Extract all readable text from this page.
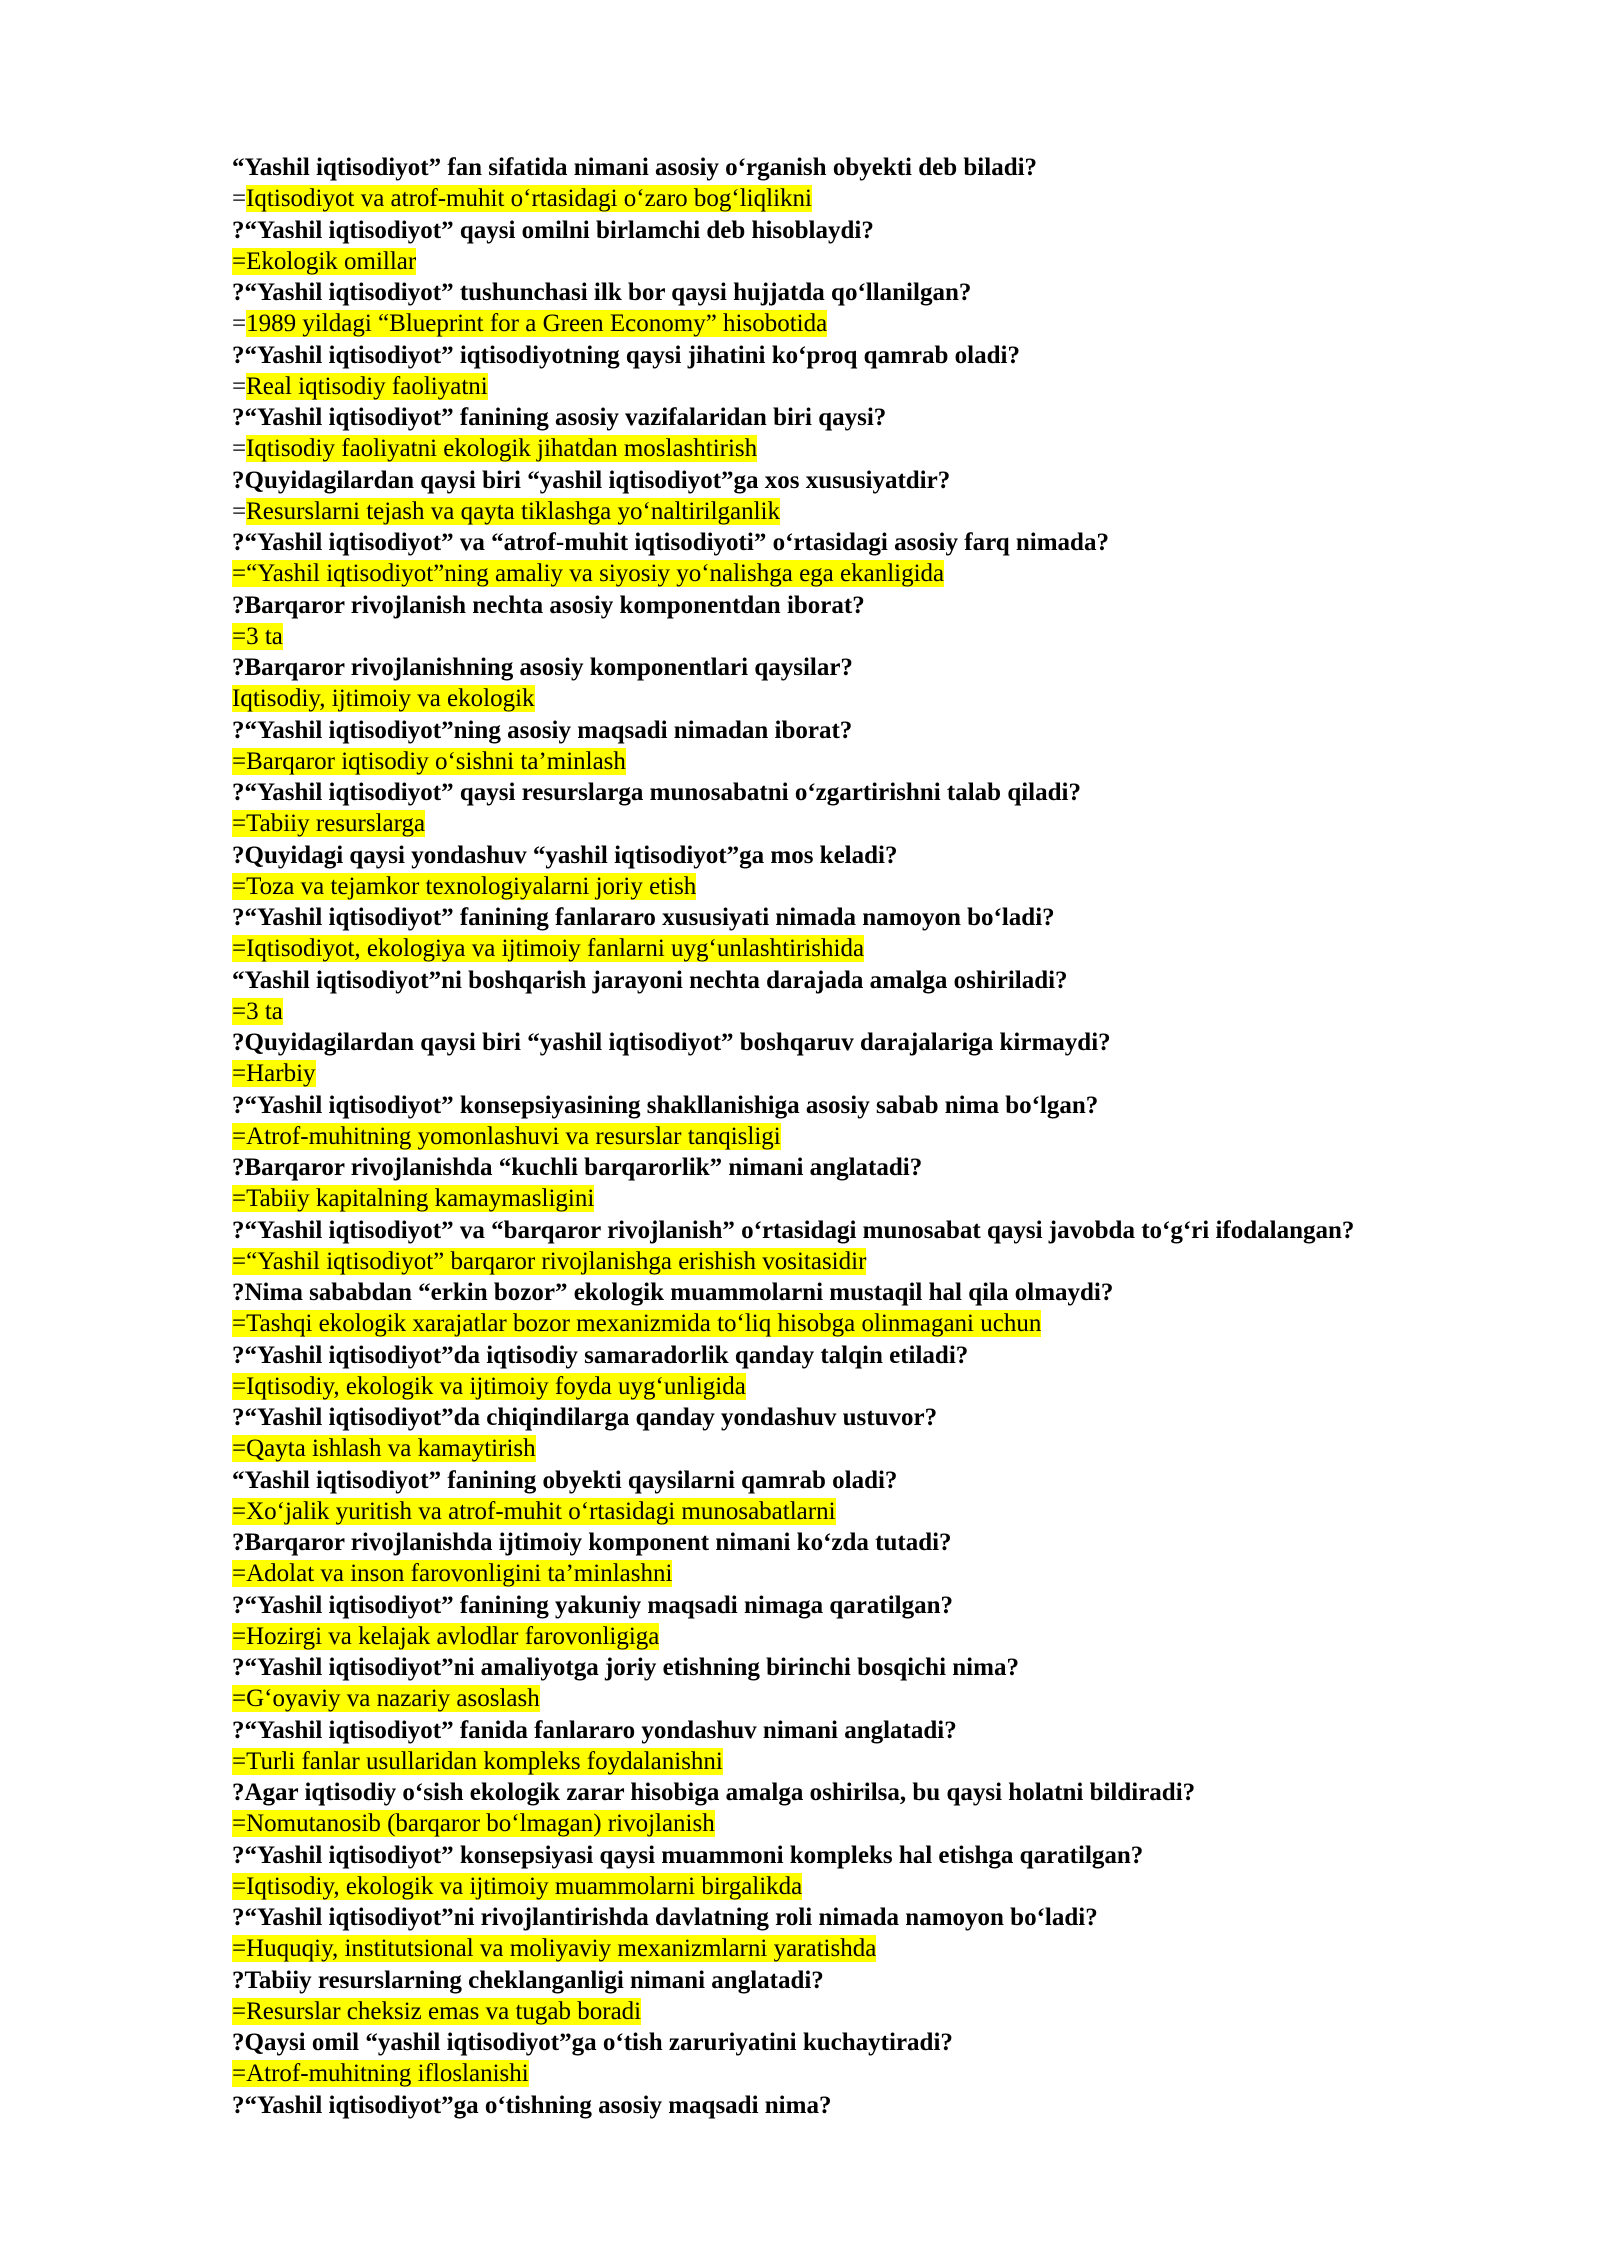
“Yashil iqtisodiyot” fan sifatida nimani asosiy o‘rganish obyekti deb biladi?
=Iqtisodiyot va atrof-muhit o‘rtasidagi o‘zaro bog‘liqlikni
?“Yashil iqtisodiyot” qaysi omilni birlamchi deb hisoblaydi?
=Ekologik omillar
?“Yashil iqtisodiyot” tushunchasi ilk bor qaysi hujjatda qo‘llanilgan?
=1989 yildagi “Blueprint for a Green Economy” hisobotida
?“Yashil iqtisodiyot” iqtisodiyotning qaysi jihatini ko‘proq qamrab oladi?
=Real iqtisodiy faoliyatni
?“Yashil iqtisodiyot” fanining asosiy vazifalaridan biri qaysi?
=Iqtisodiy faoliyatni ekologik jihatdan moslashtirish
?Quyidagilardan qaysi biri “yashil iqtisodiyot”ga xos xususiyatdir?
=Resurslarni tejash va qayta tiklashga yo‘naltirilganlik
?“Yashil iqtisodiyot” va “atrof-muhit iqtisodiyoti” o‘rtasidagi asosiy farq nimada?
=“Yashil iqtisodiyot”ning amaliy va siyosiy yo‘nalishga ega ekanligida
?Barqaror rivojlanish nechta asosiy komponentdan iborat?
=3 ta
?Barqaror rivojlanishning asosiy komponentlari qaysilar?
Iqtisodiy, ijtimoiy va ekologik
?“Yashil iqtisodiyot”ning asosiy maqsadi nimadan iborat?
=Barqaror iqtisodiy o‘sishni ta’minlash
?“Yashil iqtisodiyot” qaysi resurslarga munosabatni o‘zgartirishni talab qiladi?
=Tabiiy resurslarga
?Quyidagi qaysi yondashuv “yashil iqtisodiyot”ga mos keladi?
=Toza va tejamkor texnologiyalarni joriy etish
?“Yashil iqtisodiyot” fanining fanlararo xususiyati nimada namoyon bo‘ladi?
=Iqtisodiyot, ekologiya va ijtimoiy fanlarni uyg‘unlashtirishida
“Yashil iqtisodiyot”ni boshqarish jarayoni nechta darajada amalga oshiriladi?
=3 ta
?Quyidagilardan qaysi biri “yashil iqtisodiyot” boshqaruv darajalariga kirmaydi?
=Harbiy
?“Yashil iqtisodiyot” konsepsiyasining shakllanishiga asosiy sabab nima bo‘lgan?
=Atrof-muhitning yomonlashuvi va resurslar tanqisligi
?Barqaror rivojlanishda “kuchli barqarorlik” nimani anglatadi?
=Tabiiy kapitalning kamaymasligini
?“Yashil iqtisodiyot” va “barqaror rivojlanish” o‘rtasidagi munosabat qaysi javobda to‘g‘ri ifodalangan?
=“Yashil iqtisodiyot” barqaror rivojlanishga erishish vositasidir
?Nima sababdan “erkin bozor” ekologik muammolarni mustaqil hal qila olmaydi?
=Tashqi ekologik xarajatlar bozor mexanizmida to‘liq hisobga olinmagani uchun
?“Yashil iqtisodiyot”da iqtisodiy samaradorlik qanday talqin etiladi?
=Iqtisodiy, ekologik va ijtimoiy foyda uyg‘unligida
?“Yashil iqtisodiyot”da chiqindilarga qanday yondashuv ustuvor?
=Qayta ishlash va kamaytirish
“Yashil iqtisodiyot” fanining obyekti qaysilarni qamrab oladi?
=Xo‘jalik yuritish va atrof-muhit o‘rtasidagi munosabatlarni
?Barqaror rivojlanishda ijtimoiy komponent nimani ko‘zda tutadi?
=Adolat va inson farovonligini ta’minlashni
?“Yashil iqtisodiyot” fanining yakuniy maqsadi nimaga qaratilgan?
=Hozirgi va kelajak avlodlar farovonligiga
?“Yashil iqtisodiyot”ni amaliyotga joriy etishning birinchi bosqichi nima?
=G‘oyaviy va nazariy asoslash
?“Yashil iqtisodiyot” fanida fanlararo yondashuv nimani anglatadi?
=Turli fanlar usullaridan kompleks foydalanishni
?Agar iqtisodiy o‘sish ekologik zarar hisobiga amalga oshirilsa, bu qaysi holatni bildiradi?
=Nomutanosib (barqaror bo‘lmagan) rivojlanish
?“Yashil iqtisodiyot” konsepsiyasi qaysi muammoni kompleks hal etishga qaratilgan?
=Iqtisodiy, ekologik va ijtimoiy muammolarni birgalikda
?“Yashil iqtisodiyot”ni rivojlantirishda davlatning roli nimada namoyon bo‘ladi?
=Huquqiy, institutsional va moliyaviy mexanizmlarni yaratishda
?Tabiiy resurslarning cheklanganligi nimani anglatadi?
=Resurslar cheksiz emas va tugab boradi
?Qaysi omil “yashil iqtisodiyot”ga o‘tish zaruriyatini kuchaytiradi?
=Atrof-muhitning ifloslanishi
?“Yashil iqtisodiyot”ga o‘tishning asosiy maqsadi nima?
